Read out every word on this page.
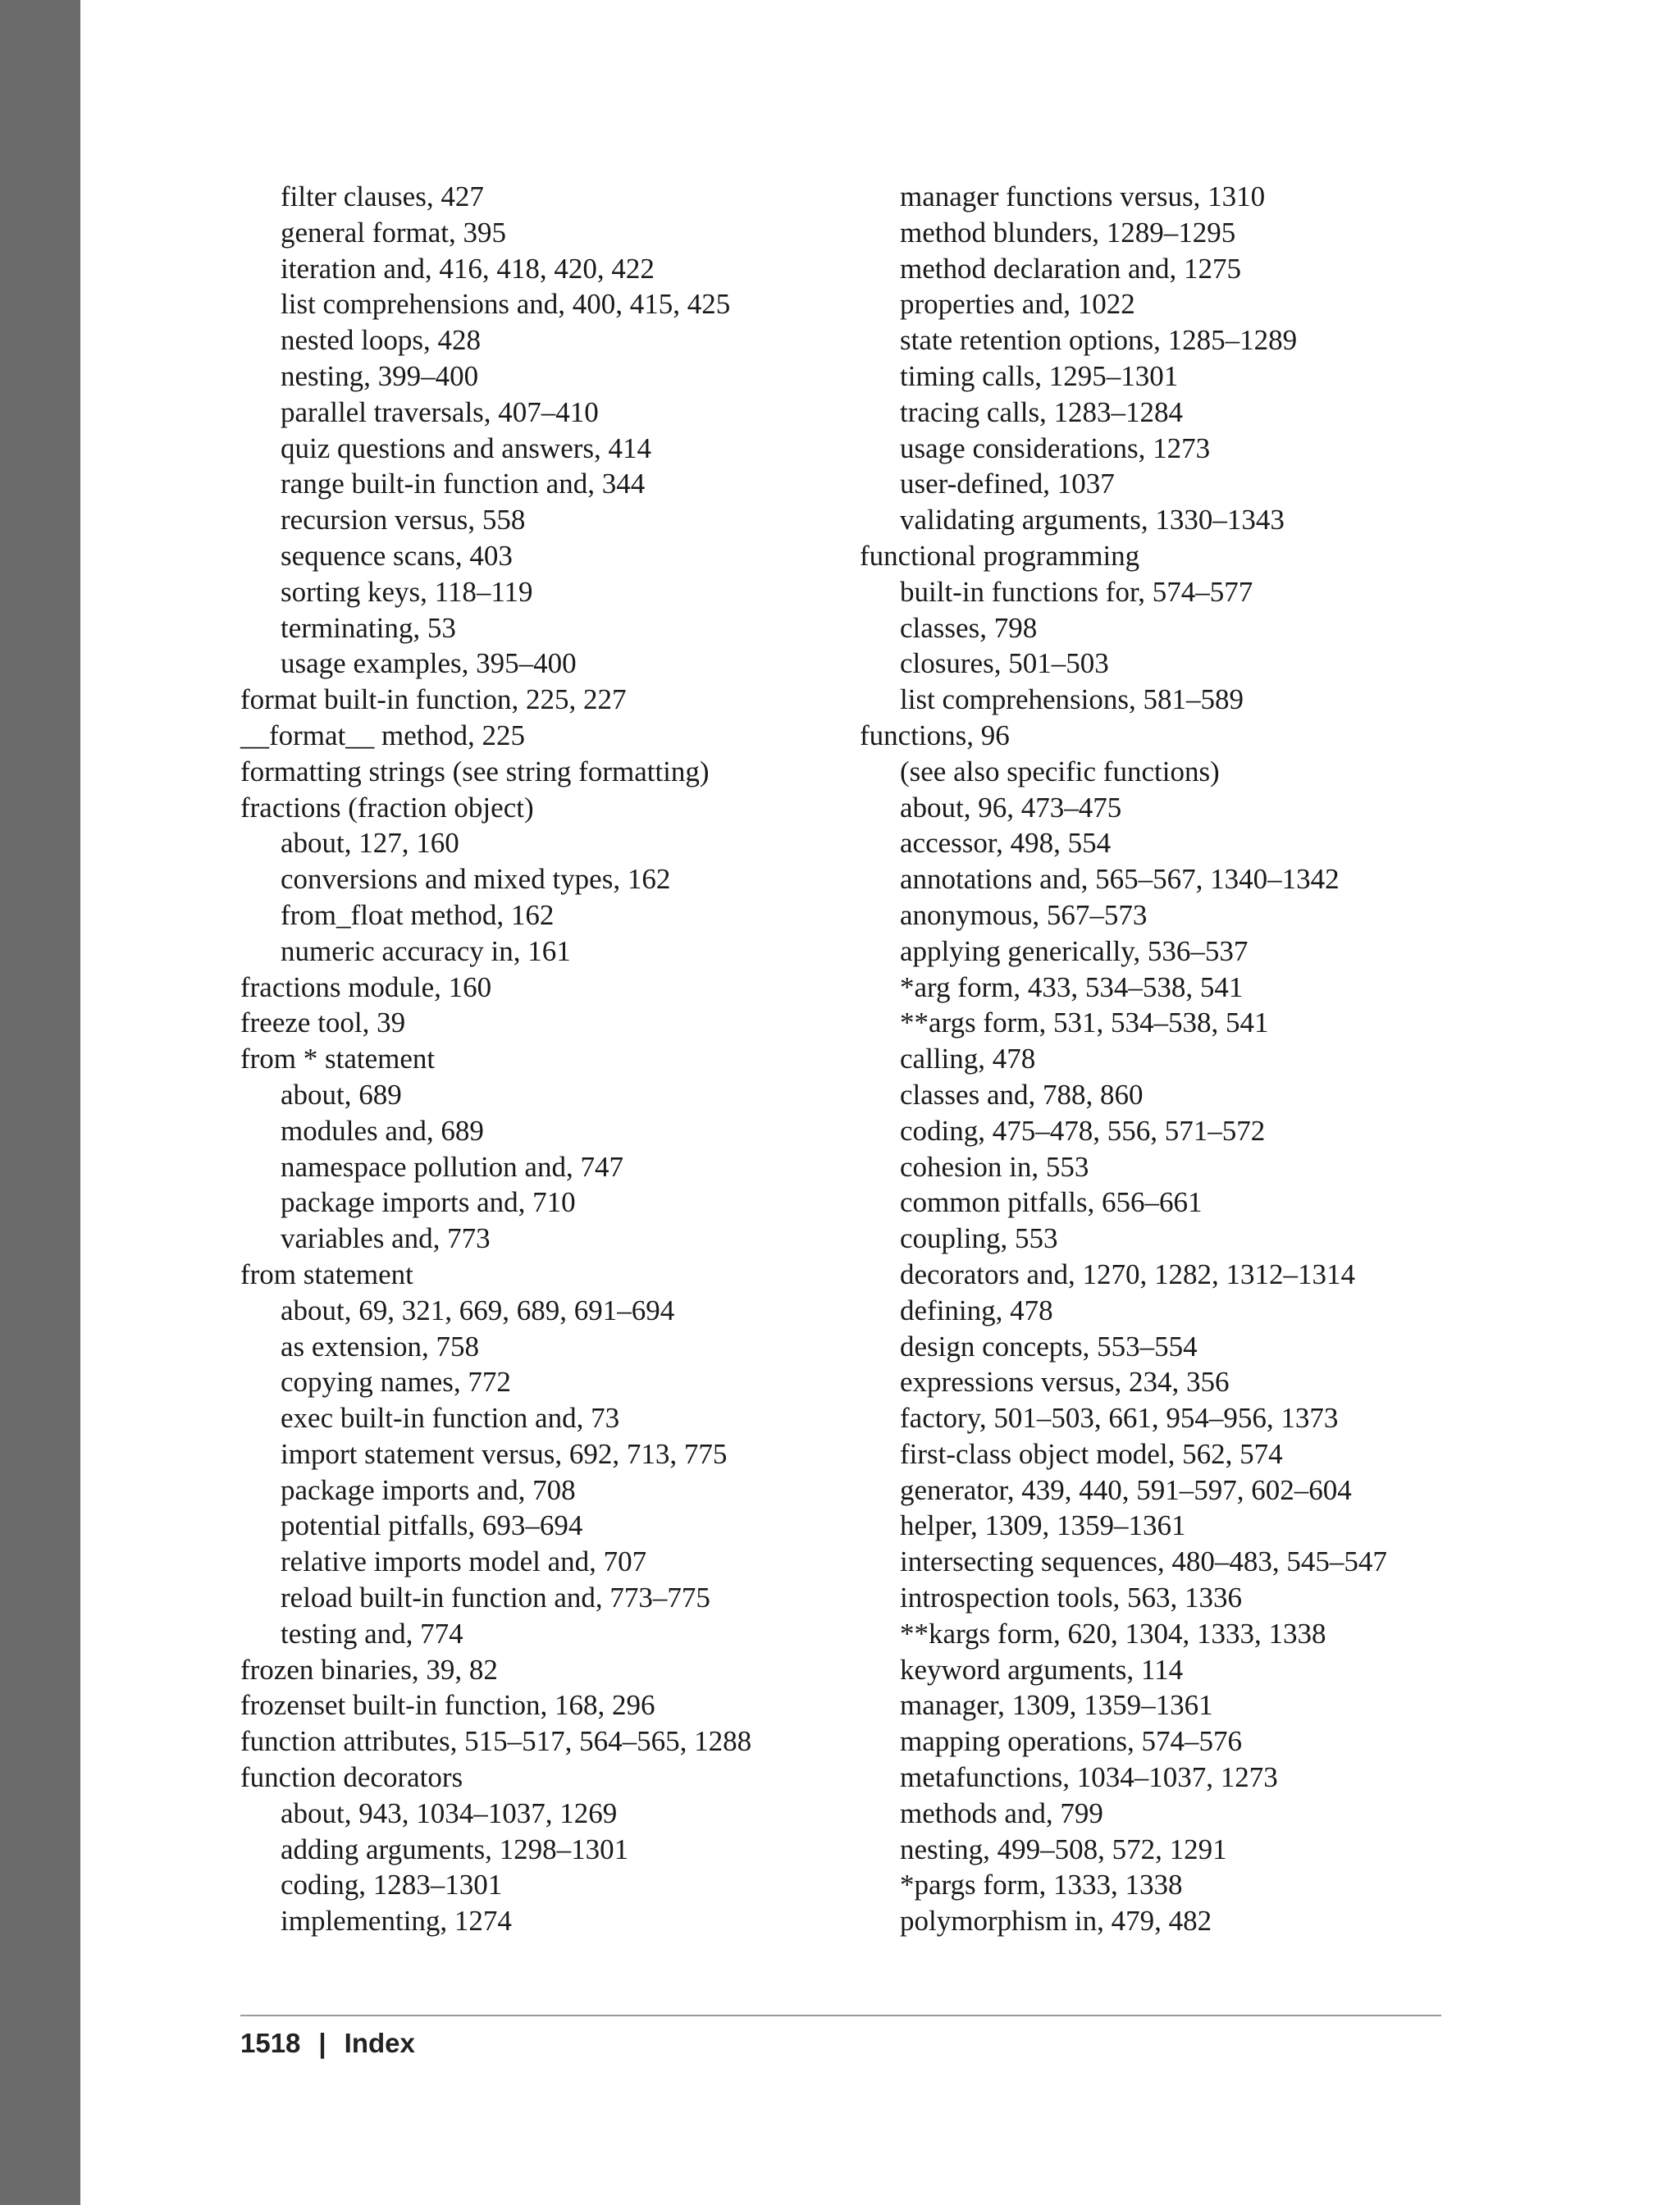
filter clauses, 427
general format, 395
iteration and, 416, 418, 420, 422
list comprehensions and, 400, 415, 425
nested loops, 428
nesting, 399–400
parallel traversals, 407–410
quiz questions and answers, 414
range built-in function and, 344
recursion versus, 558
sequence scans, 403
sorting keys, 118–119
terminating, 53
usage examples, 395–400
format built-in function, 225, 227
__format__ method, 225
formatting strings (see string formatting)
fractions (fraction object)
about, 127, 160
conversions and mixed types, 162
from_float method, 162
numeric accuracy in, 161
fractions module, 160
freeze tool, 39
from * statement
about, 689
modules and, 689
namespace pollution and, 747
package imports and, 710
variables and, 773
from statement
about, 69, 321, 669, 689, 691–694
as extension, 758
copying names, 772
exec built-in function and, 73
import statement versus, 692, 713, 775
package imports and, 708
potential pitfalls, 693–694
relative imports model and, 707
reload built-in function and, 773–775
testing and, 774
frozen binaries, 39, 82
frozenset built-in function, 168, 296
function attributes, 515–517, 564–565, 1288
function decorators
about, 943, 1034–1037, 1269
adding arguments, 1298–1301
coding, 1283–1301
implementing, 1274
manager functions versus, 1310
method blunders, 1289–1295
method declaration and, 1275
properties and, 1022
state retention options, 1285–1289
timing calls, 1295–1301
tracing calls, 1283–1284
usage considerations, 1273
user-defined, 1037
validating arguments, 1330–1343
functional programming
built-in functions for, 574–577
classes, 798
closures, 501–503
list comprehensions, 581–589
functions, 96
(see also specific functions)
about, 96, 473–475
accessor, 498, 554
annotations and, 565–567, 1340–1342
anonymous, 567–573
applying generically, 536–537
*arg form, 433, 534–538, 541
**args form, 531, 534–538, 541
calling, 478
classes and, 788, 860
coding, 475–478, 556, 571–572
cohesion in, 553
common pitfalls, 656–661
coupling, 553
decorators and, 1270, 1282, 1312–1314
defining, 478
design concepts, 553–554
expressions versus, 234, 356
factory, 501–503, 661, 954–956, 1373
first-class object model, 562, 574
generator, 439, 440, 591–597, 602–604
helper, 1309, 1359–1361
intersecting sequences, 480–483, 545–547
introspection tools, 563, 1336
**kargs form, 620, 1304, 1333, 1338
keyword arguments, 114
manager, 1309, 1359–1361
mapping operations, 574–576
metafunctions, 1034–1037, 1273
methods and, 799
nesting, 499–508, 572, 1291
*pargs form, 1333, 1338
polymorphism in, 479, 482
1518 | Index
